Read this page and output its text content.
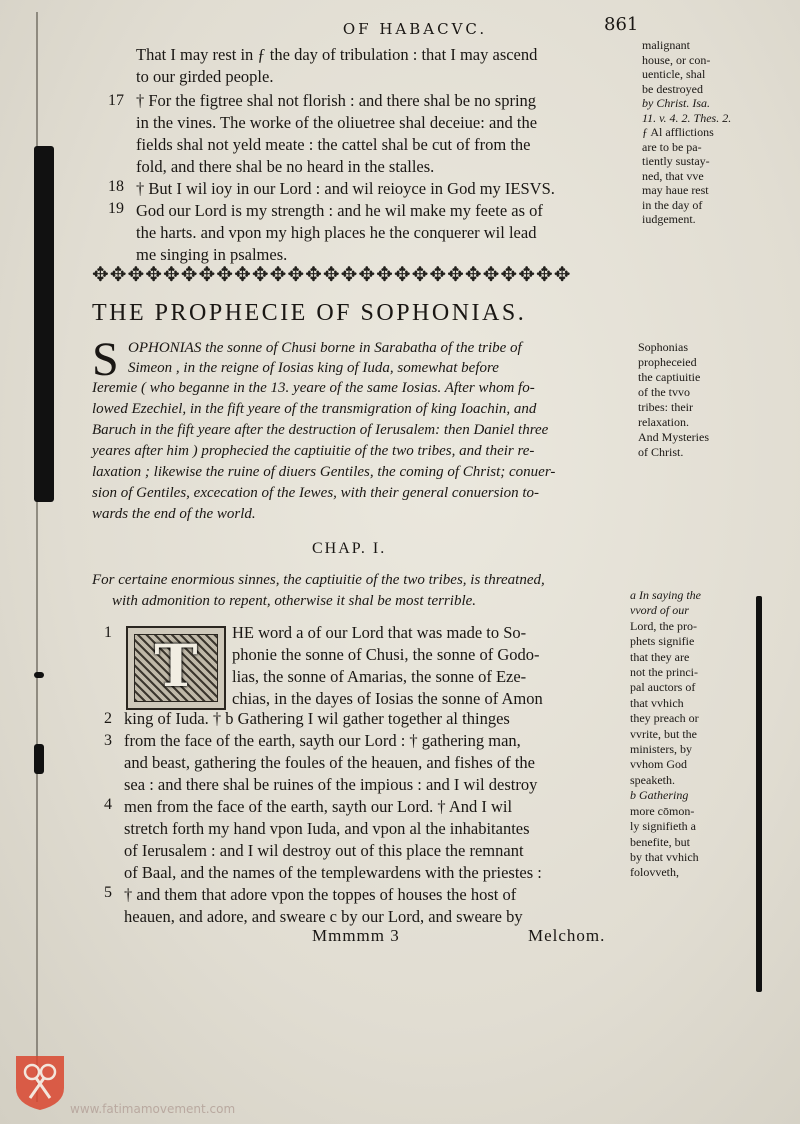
OF HABACVC.	861
That I may rest in ƒ the day of tribulation : that I may ascend
to our girded people.
† For the figtree shal not florish : and there shal be no spring
in the vines. The worke of the oliuetree shal deceiue: and the
fields shal not yeld meate : the cattel shal be cut of from the
fold, and there shal be no heard in the stalles.
† But I wil ioy in our Lord : and wil reioyce in God my IESVS.
God our Lord is my strength : and he wil make my feete as of
the harts. and vpon my high places he the conquerer wil lead
me singing in psalmes.
17
18
19
malignant
house, or con-
uenticle, shal
be destroyed
by Christ. Isa.
11. v. 4. 2. Thes. 2.
ƒ Al afflictions
are to be pa-
tiently sustay-
ned, that vve
may haue rest
in the day of
iudgement.
✥✥✥✥✥✥✥✥✥✥✥✥✥✥✥✥✥✥✥✥✥✥✥✥✥✥✥
THE PROPHECIE OF SOPHONIAS.
S OPHONIAS the sonne of Chusi borne in Sarabatha of the tribe of
Simeon , in the reigne of Iosias king of Iuda, somewhat before
Ieremie ( who beganne in the 13. yeare of the same Iosias. After whom fo-
lowed Ezechiel, in the fift yeare of the transmigration of king Ioachin, and
Baruch in the fift yeare after the destruction of Ierusalem: then Daniel three
yeares after him ) prophecied the captiuitie of the two tribes, and their re-
laxation ; likewise the ruine of diuers Gentiles, the coming of Christ; conuer-
sion of Gentiles, excecation of the Iewes, with their general conuersion to-
wards the end of the world.
Sophonias
propheceied
the captiuitie
of the tvvo
tribes: their
relaxation.
And Mysteries
of Christ.
CHAP. I.
For certaine enormious sinnes, the captiuitie of the two tribes, is threatned,
with admonition to repent, otherwise it shal be most terrible.
T	HE word a of our Lord that was made to So-
phonie the sonne of Chusi, the sonne of Godo-
lias, the sonne of Amarias, the sonne of Eze-
chias, in the dayes of Iosias the sonne of Amon
king of Iuda. † b Gathering I wil gather together al thinges
from the face of the earth, sayth our Lord : † gathering man,
and beast, gathering the foules of the heauen, and fishes of the
sea : and there shal be ruines of the impious : and I wil destroy
men from the face of the earth, sayth our Lord. † And I wil
stretch forth my hand vpon Iuda, and vpon al the inhabitantes
of Ierusalem : and I wil destroy out of this place the remnant
of Baal, and the names of the templewardens with the priestes :
† and them that adore vpon the toppes of houses the host of
heauen, and adore, and sweare c by our Lord, and sweare by
1
2
3
4
5
a In saying the
vvord of our
Lord, the pro-
phets signifie
that they are
not the princi-
pal auctors of
that vvhich
they preach or
vvrite, but the
ministers, by
vvhom God
speaketh.
b Gathering
more cōmon-
ly signifieth a
benefite, but
by that vvhich
folovveth,
Mmmmm 3	Melchom.
www.fatimamovement.com
